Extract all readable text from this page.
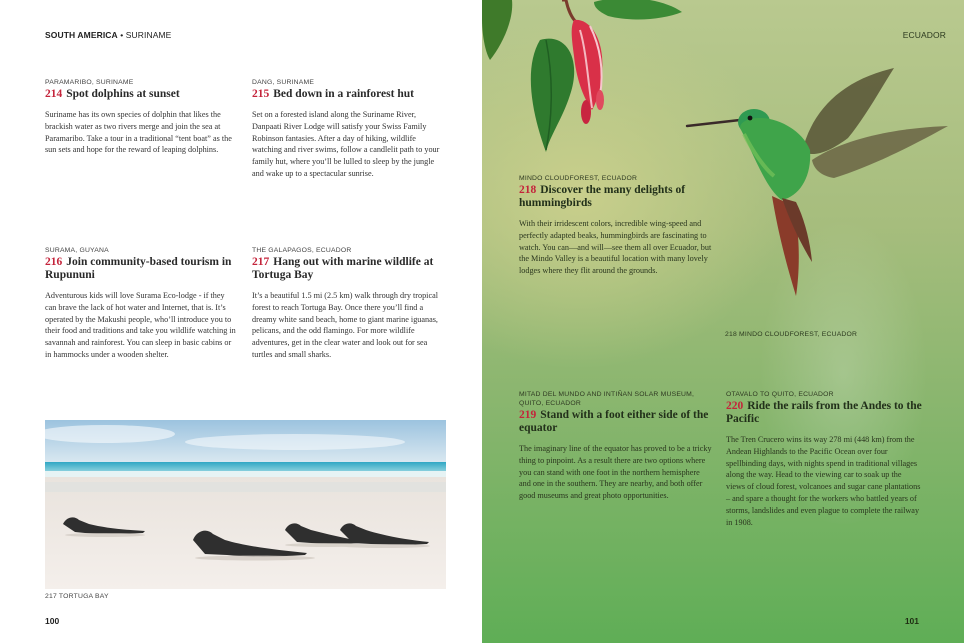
SOUTH AMERICA • SURINAME
PARAMARIBO, SURINAME
214 Spot dolphins at sunset
Suriname has its own species of dolphin that likes the brackish water as two rivers merge and join the sea at Paramaribo. Take a tour in a traditional “tent boat” as the sun sets and hope for the reward of leaping dolphins.
DANG, SURINAME
215 Bed down in a rainforest hut
Set on a forested island along the Suriname River, Danpaati River Lodge will satisfy your Swiss Family Robinson fantasies. After a day of hiking, wildlife watching and river swims, follow a candlelit path to your family hut, where you’ll be lulled to sleep by the jungle and wake up to a spectacular sunrise.
SURAMA, GUYANA
216 Join community-based tourism in Rupununi
Adventurous kids will love Surama Eco-lodge - if they can brave the lack of hot water and Internet, that is. It’s operated by the Makushi people, who’ll introduce you to their food and traditions and take you wildlife watching in savannah and rainforest. You can sleep in basic cabins or in hammocks under a wooden shelter.
THE GALAPAGOS, ECUADOR
217 Hang out with marine wildlife at Tortuga Bay
It’s a beautiful 1.5 mi (2.5 km) walk through dry tropical forest to reach Tortuga Bay. Once there you’ll find a dreamy white sand beach, home to giant marine iguanas, pelicans, and the odd flamingo. For more wildlife adventures, get in the clear water and look out for sea turtles and small sharks.
217 TORTUGA BAY
100
ECUADOR
MINDO CLOUDFOREST, ECUADOR
218 Discover the many delights of hummingbirds
With their irridescent colors, incredible wing-speed and perfectly adapted beaks, hummingbirds are fascinating to watch. You can—and will—see them all over Ecuador, but the Mindo Valley is a beautiful location with many lovely lodges where they flit around the grounds.
218 MINDO CLOUDFOREST, ECUADOR
MITAD DEL MUNDO AND INTIÑAN SOLAR MUSEUM, QUITO, ECUADOR
219 Stand with a foot either side of the equator
The imaginary line of the equator has proved to be a tricky thing to pinpoint. As a result there are two options where you can stand with one foot in the northern hemisphere and one in the southern. They are nearby, and both offer good museums and great photo opportunities.
OTAVALO TO QUITO, ECUADOR
220 Ride the rails from the Andes to the Pacific
The Tren Crucero wins its way 278 mi (448 km) from the Andean Highlands to the Pacific Ocean over four spellbinding days, with nights spend in traditional villages along the way. Head to the viewing car to soak up the views of cloud forest, volcanoes and sugar cane plantations – and spare a thought for the workers who battled years of storms, landslides and even plague to complete the railway in 1908.
101
